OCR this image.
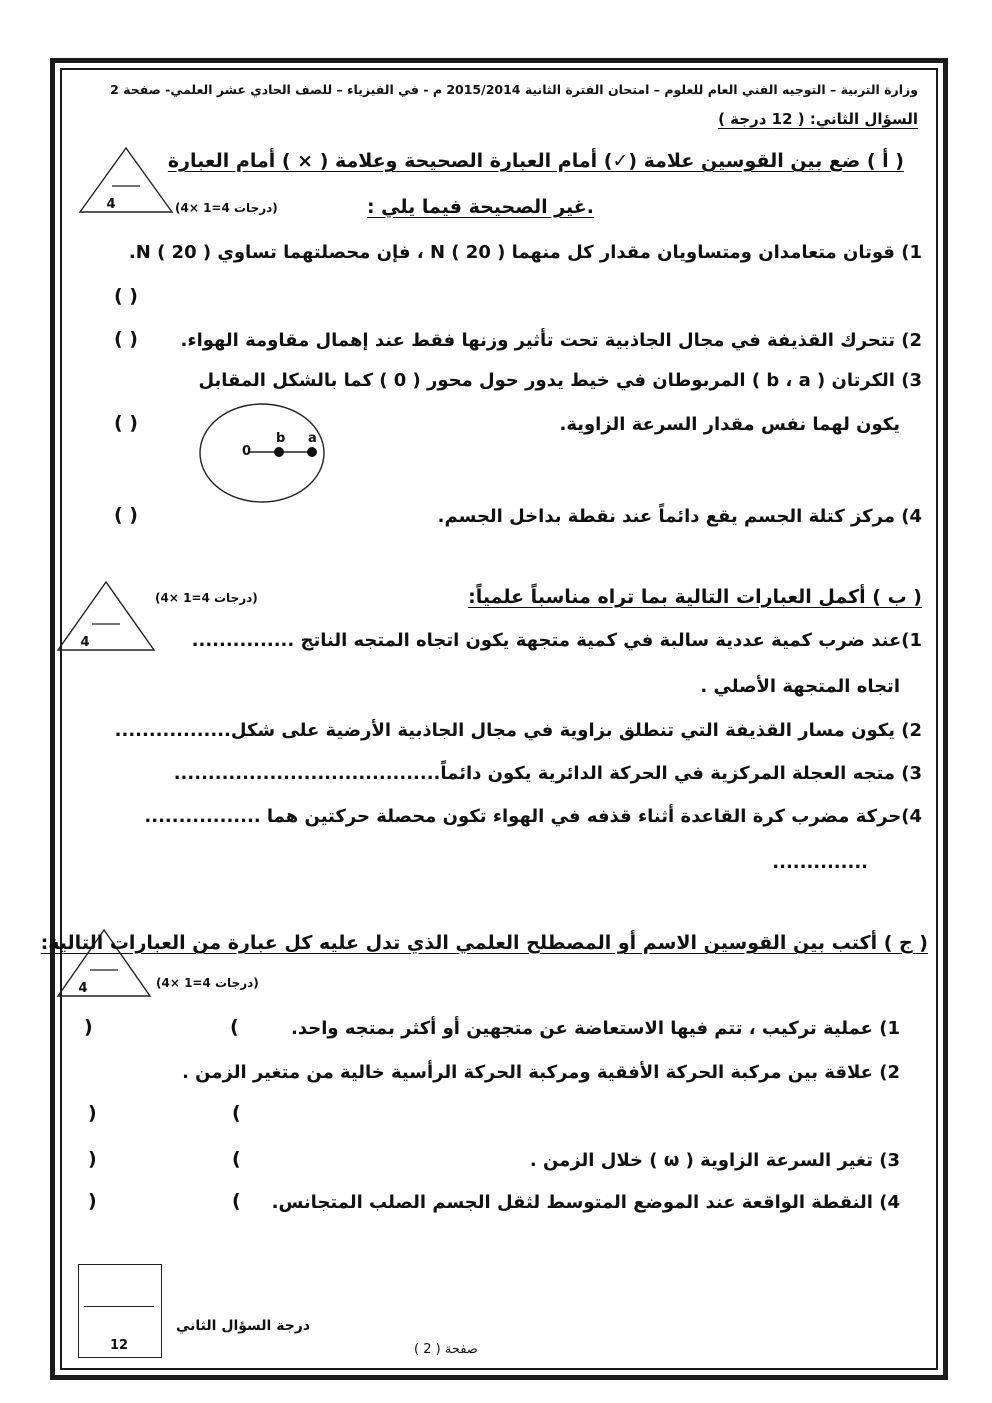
وزارة التربية – التوجيه الفني العام للعلوم – امتحان الفترة الثانية 2015/2014 م - في الفيزياء – للصف الحادي عشر العلمي- صفحة 2
السؤال الثاني: ( 12 درجة )
4
( أ ) ضع بين القوسين علامة (✓) أمام العبارة الصحيحة وعلامة ( × ) أمام العبارة
.غير الصحيحة فيما يلي :
(4× 1=4 درجات)
1) قوتان متعامدان ومتساويان مقدار كل منهما N ( 20 ) ، فإن محصلتهما تساوي N ( 20 ).
( )
2) تتحرك القذيفة في مجال الجاذبية تحت تأثير وزنها فقط عند إهمال مقاومة الهواء.
( )
3) الكرتان ( b ، a ) المربوطان في خيط يدور حول محور ( 0 ) كما بالشكل المقابل
يكون لهما نفس مقدار السرعة الزاوية.
( )
0
b a
4) مركز كتلة الجسم يقع دائماً عند نقطة بداخل الجسم.
( )
4
( ب ) أكمل العبارات التالية بما تراه مناسباً علمياً:
(4× 1=4 درجات)
1)عند ضرب كمية عددية سالبة في كمية متجهة يكون اتجاه المتجه الناتج ...............
اتجاه المتجهة الأصلي .
2) يكون مسار القذيفة التي تنطلق بزاوية في مجال الجاذبية الأرضية على شكل.................
3) متجه العجلة المركزية في الحركة الدائرية يكون دائماً.......................................
4)حركة مضرب كرة القاعدة أثناء قذفه في الهواء تكون محصلة حركتين هما .................
..............
4
( ج ) أكتب بين القوسين الاسم أو المصطلح العلمي الذي تدل عليه كل عبارة من العبارات التالية:
(4× 1=4 درجات)
1) عملية تركيب ، تتم فيها الاستعاضة عن متجهين أو أكثر بمتجه واحد.
)	(
2) علاقة بين مركبة الحركة الأفقية ومركبة الحركة الرأسية خالية من متغير الزمن .
)	(
3) تغير السرعة الزاوية ( ω ) خلال الزمن .
)	(
4) النقطة الواقعة عند الموضع المتوسط لثقل الجسم الصلب المتجانس.
)	(
12
درجة السؤال الثاني
صفحة ( 2 )
